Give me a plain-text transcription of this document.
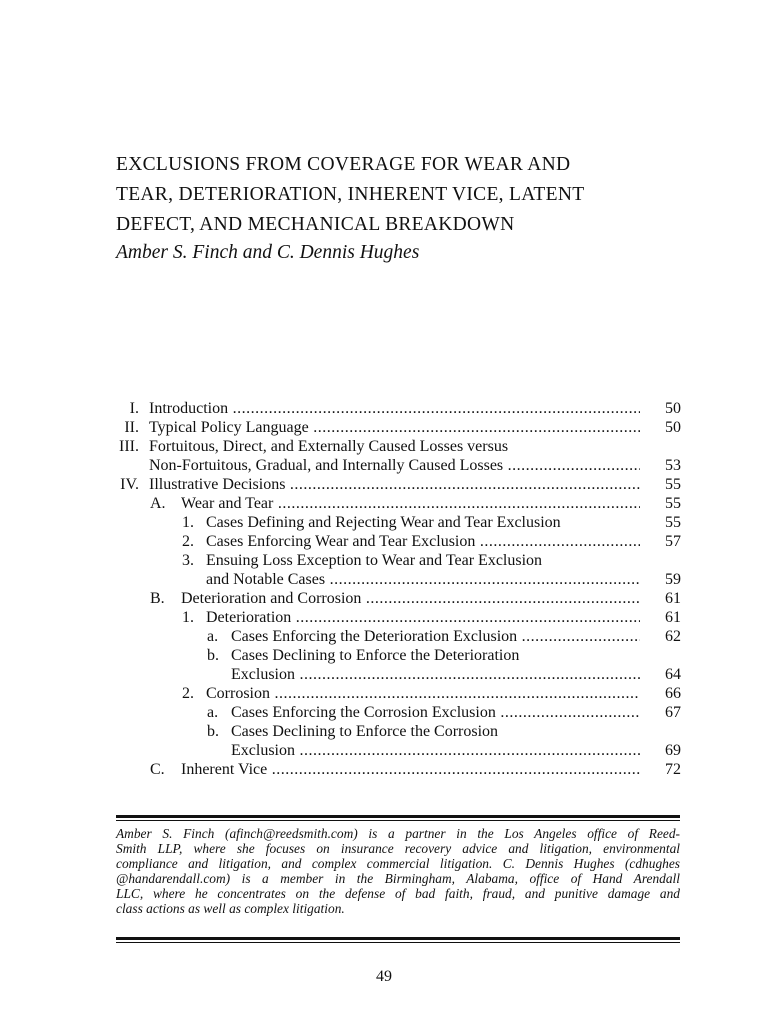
EXCLUSIONS FROM COVERAGE FOR WEAR AND
TEAR, DETERIORATION, INHERENT VICE, LATENT
DEFECT, AND MECHANICAL BREAKDOWN

Amber S. Finch and C. Dennis Hughes

I. Introduction .....	50
II. Typical Policy Language .....	50
III. Fortuitous, Direct, and Externally Caused Losses versus
Non-Fortuitous, Gradual, and Internally Caused Losses .....	53
IV. Illustrative Decisions .....	55
A. Wear and Tear .....	55
1. Cases Defining and Rejecting Wear and Tear Exclusion	55
2. Cases Enforcing Wear and Tear Exclusion .....	57
3. Ensuing Loss Exception to Wear and Tear Exclusion
and Notable Cases .....	59
B. Deterioration and Corrosion .....	61
1. Deterioration .....	61
a. Cases Enforcing the Deterioration Exclusion .....	62
b. Cases Declining to Enforce the Deterioration
Exclusion .....	64
2. Corrosion .....	66
a. Cases Enforcing the Corrosion Exclusion .....	67
b. Cases Declining to Enforce the Corrosion
Exclusion .....	69
C. Inherent Vice .....	72

Amber S. Finch (afinch@reedsmith.com) is a partner in the Los Angeles office of Reed-
Smith LLP, where she focuses on insurance recovery advice and litigation, environmental
compliance and litigation, and complex commercial litigation. C. Dennis Hughes (cdhughes
@handarendall.com) is a member in the Birmingham, Alabama, office of Hand Arendall
LLC, where he concentrates on the defense of bad faith, fraud, and punitive damage and
class actions as well as complex litigation.

49
